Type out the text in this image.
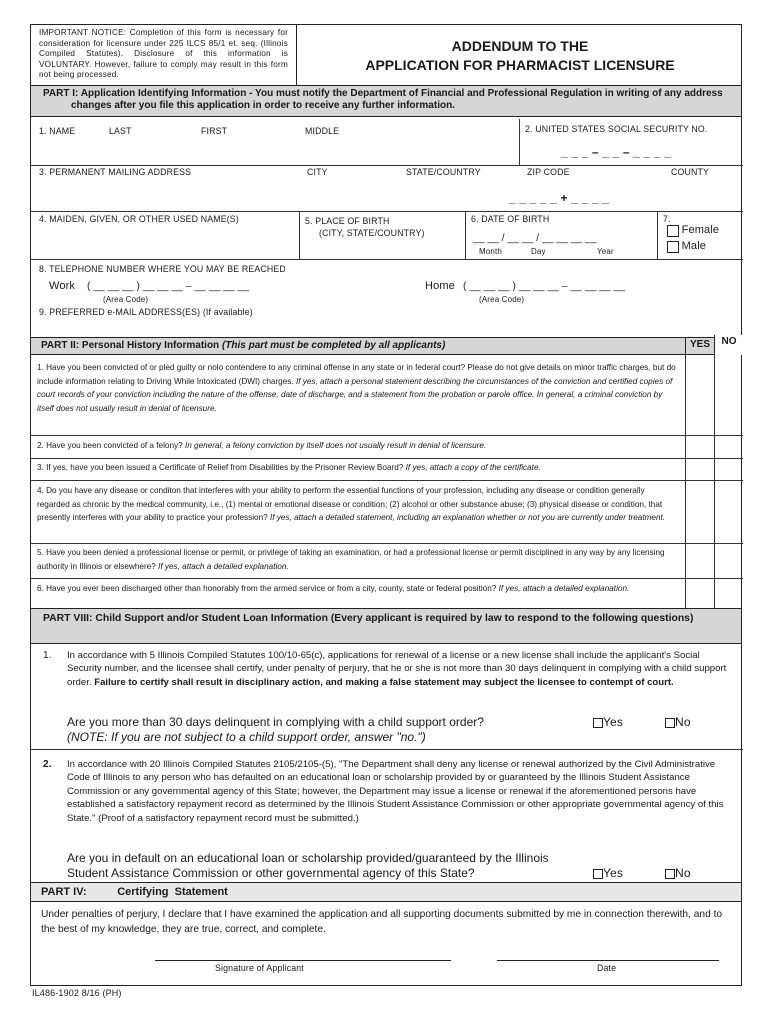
IMPORTANT NOTICE: Completion of this form is necessary for consideration for licensure under 225 ILCS 85/1 et. seq. (Illinois Compiled Statutes). Disclosure of this information is VOLUNTARY. However, failure to comply may result in this form not being processed.
ADDENDUM TO THE
APPLICATION FOR PHARMACIST LICENSURE
PART I: Application Identifying Information - You must notify the Department of Financial and Professional Regulation in writing of any address changes after you file this application in order to receive any further information.
1. NAME	LAST	FIRST	MIDDLE	2. UNITED STATES SOCIAL SECURITY NO.
_ _ _ – _ _ – _ _ _ _
3. PERMANENT MAILING ADDRESS	CITY	STATE/COUNTRY	ZIP CODE	COUNTY
_ _ _ _ _ + _ _ _ _
4. MAIDEN, GIVEN, OR OTHER USED NAME(S)	5. PLACE OF BIRTH
(CITY, STATE/COUNTRY)
6. DATE OF BIRTH
__ __ / __ __ / __ __ __ __
Month	Day	Year
7.
Female
Male
8. TELEPHONE NUMBER WHERE YOU MAY BE REACHED
Work ( __ __ __ ) __ __ __ – __ __ __ __
(Area Code)
Home ( __ __ __ ) __ __ __ – __ __ __ __
(Area Code)
9. PREFERRED e-MAIL ADDRESS(ES) (If available)
PART II: Personal History Information (This part must be completed by all applicants)	YES	NO
1. Have you been convicted of or pled guilty or nolo contendere to any criminal offense in any state or in federal court? Please do not give details on minor traffic charges, but do include information relating to Driving While Intoxicated (DWI) charges. If yes, attach a personal statement describing the circumstances of the conviction and certified copies of court records of your conviction including the nature of the offense, date of discharge, and a statement from the probation or parole office. In general, a criminal conviction by itself does not usually result in denial of licensure.
2. Have you been convicted of a felony? In general, a felony conviction by itself does not usually result in denial of licensure.
3. If yes, have you been issued a Certificate of Relief from Disabilities by the Prisoner Review Board? If yes, attach a copy of the certificate.
4. Do you have any disease or conditon that interferes with your ability to perform the essential functions of your profession, including any disease or condition generally regarded as chronic by the medical community, i.e., (1) mental or emotional disease or condition; (2) alcohol or other substance abuse; (3) physical disease or condition, that presently interferes with your ability to practice your profession? If yes, attach a detailed statement, including an explanation whether or not you are currently under treatment.
5. Have you been denied a professional license or permit, or privilege of taking an examination, or had a professional license or permit disciplined in any way by any licensing authority in Illinois or elsewhere? If yes, attach a detailed explanation.
6. Have you ever been discharged other than honorably from the armed service or from a city, county, state or federal position? If yes, attach a detailed explanation.
PART VIII: Child Support and/or Student Loan Information (Every applicant is required by law to respond to the following questions)
1. In accordance with 5 Illinois Compiled Statutes 100/10-65(c), applications for renewal of a license or a new license shall include the applicant's Social Security number, and the licensee shall certify, under penalty of perjury, that he or she is not more than 30 days delinquent in complying with a child support order. Failure to certify shall result in disciplinary action, and making a false statement may subject the licensee to contempt of court.
Are you more than 30 days delinquent in complying with a child support order?
(NOTE: If you are not subject to a child support order, answer "no.")
Yes	No
2. In accordance with 20 Illinois Compiled Statutes 2105/2105-(5), "The Department shall deny any license or renewal authorized by the Civil Administrative Code of Illinois to any person who has defaulted on an educational loan or scholarship provided by or guaranteed by the Illinois Student Assistance Commission or any governmental agency of this State; however, the Department may issue a license or renewal if the aforementioned persons have established a satisfactory repayment record as determined by the Illinois Student Assistance Commission or other appropriate governmental agency of this State." (Proof of a satisfactory repayment record must be submitted.)
Are you in default on an educational loan or scholarship provided/guaranteed by the Illinois
Student Assistance Commission or other governmental agency of this State?	Yes	No
PART IV:          Certifying  Statement
Under penalties of perjury, I declare that I have examined the application and all supporting documents submitted by me in connection therewith, and to the best of my knowledge, they are true, correct, and complete.
Signature of Applicant	Date
IL486-1902 8/16 (PH)
